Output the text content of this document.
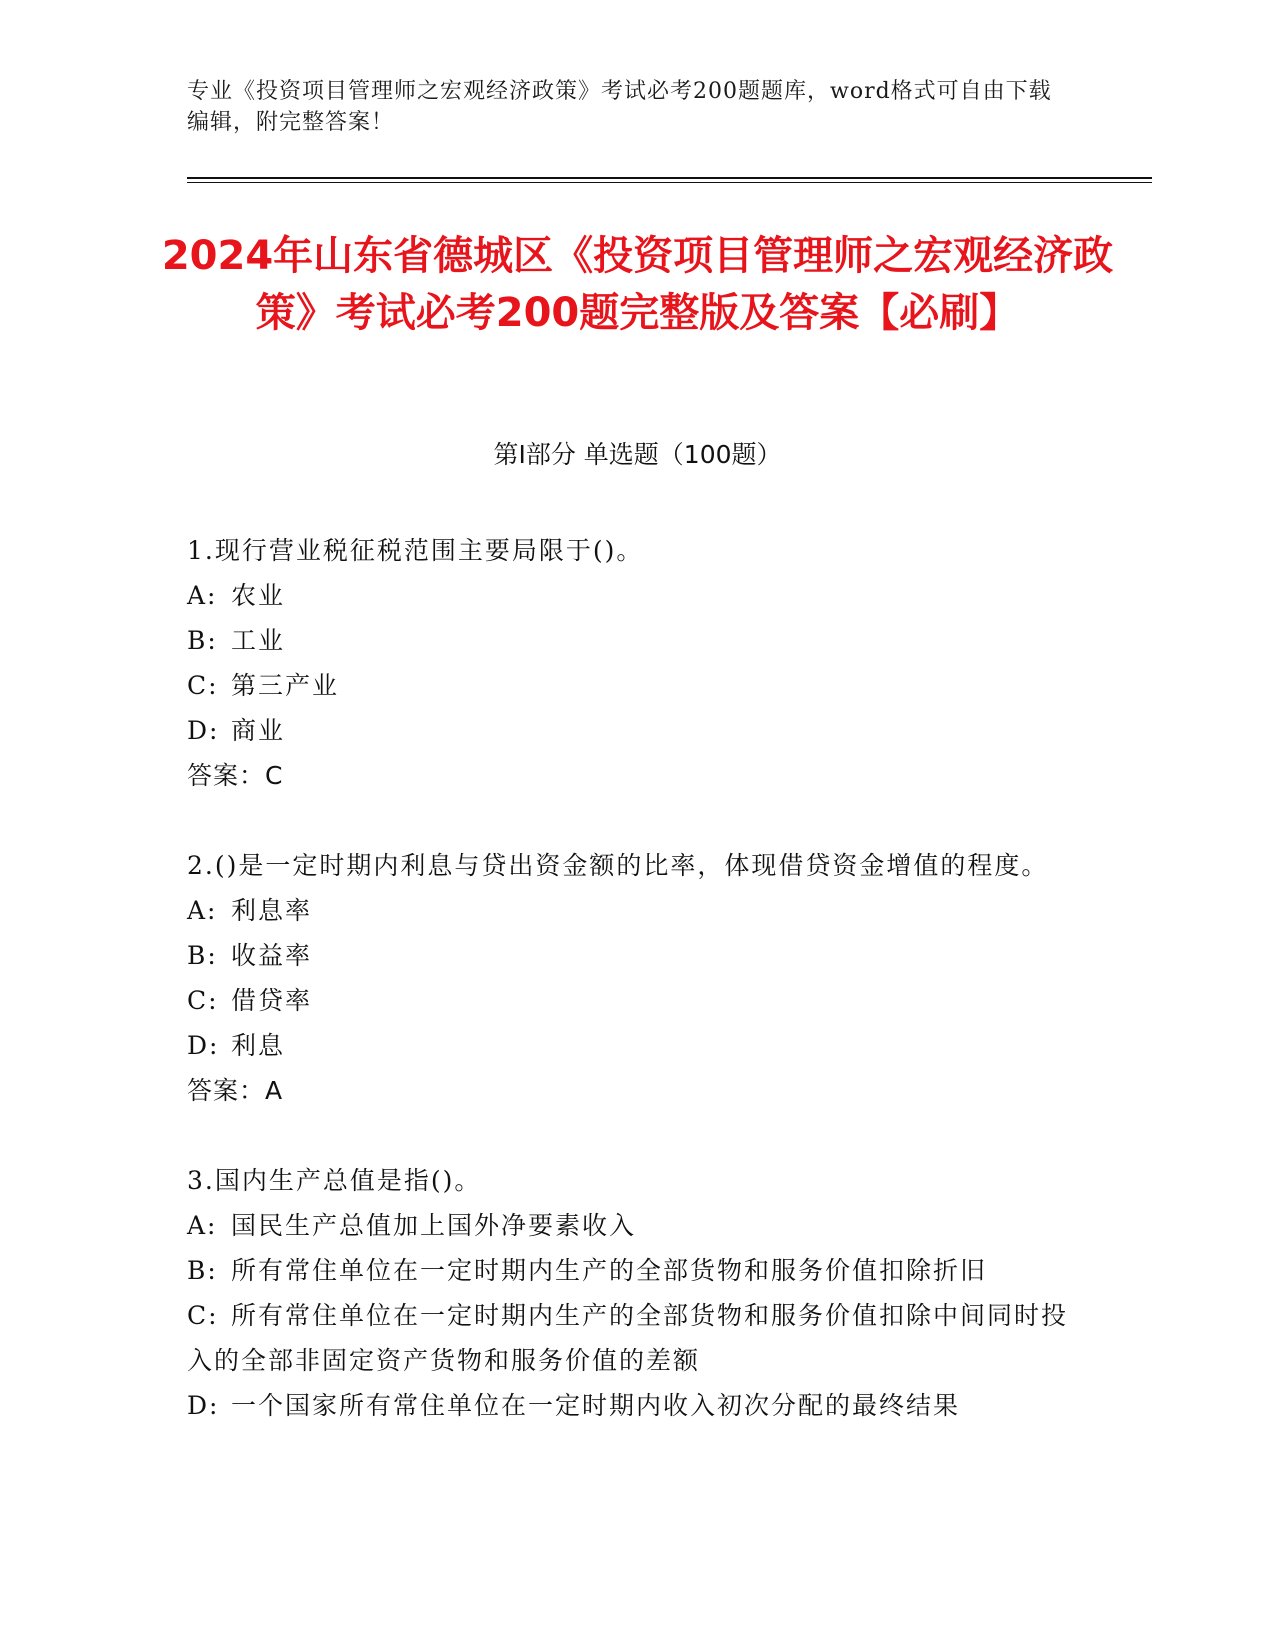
专业《投资项目管理师之宏观经济政策》考试必考200题题库，word格式可自由下载编辑，附完整答案！
2024年山东省德城区《投资项目管理师之宏观经济政策》考试必考200题完整版及答案【必刷】
第I部分 单选题（100题）

1.现行营业税征税范围主要局限于()。

A: 农业

B: 工业

C: 第三产业

D: 商业

答案：C

2.()是一定时期内利息与贷出资金额的比率，体现借贷资金增值的程度。

A: 利息率

B: 收益率

C: 借贷率

D: 利息

答案：A

3.国内生产总值是指()。

A: 国民生产总值加上国外净要素收入

B: 所有常住单位在一定时期内生产的全部货物和服务价值扣除折旧

C: 所有常住单位在一定时期内生产的全部货物和服务价值扣除中间同时投入的全部非固定资产货物和服务价值的差额

D: 一个国家所有常住单位在一定时期内收入初次分配的最终结果
